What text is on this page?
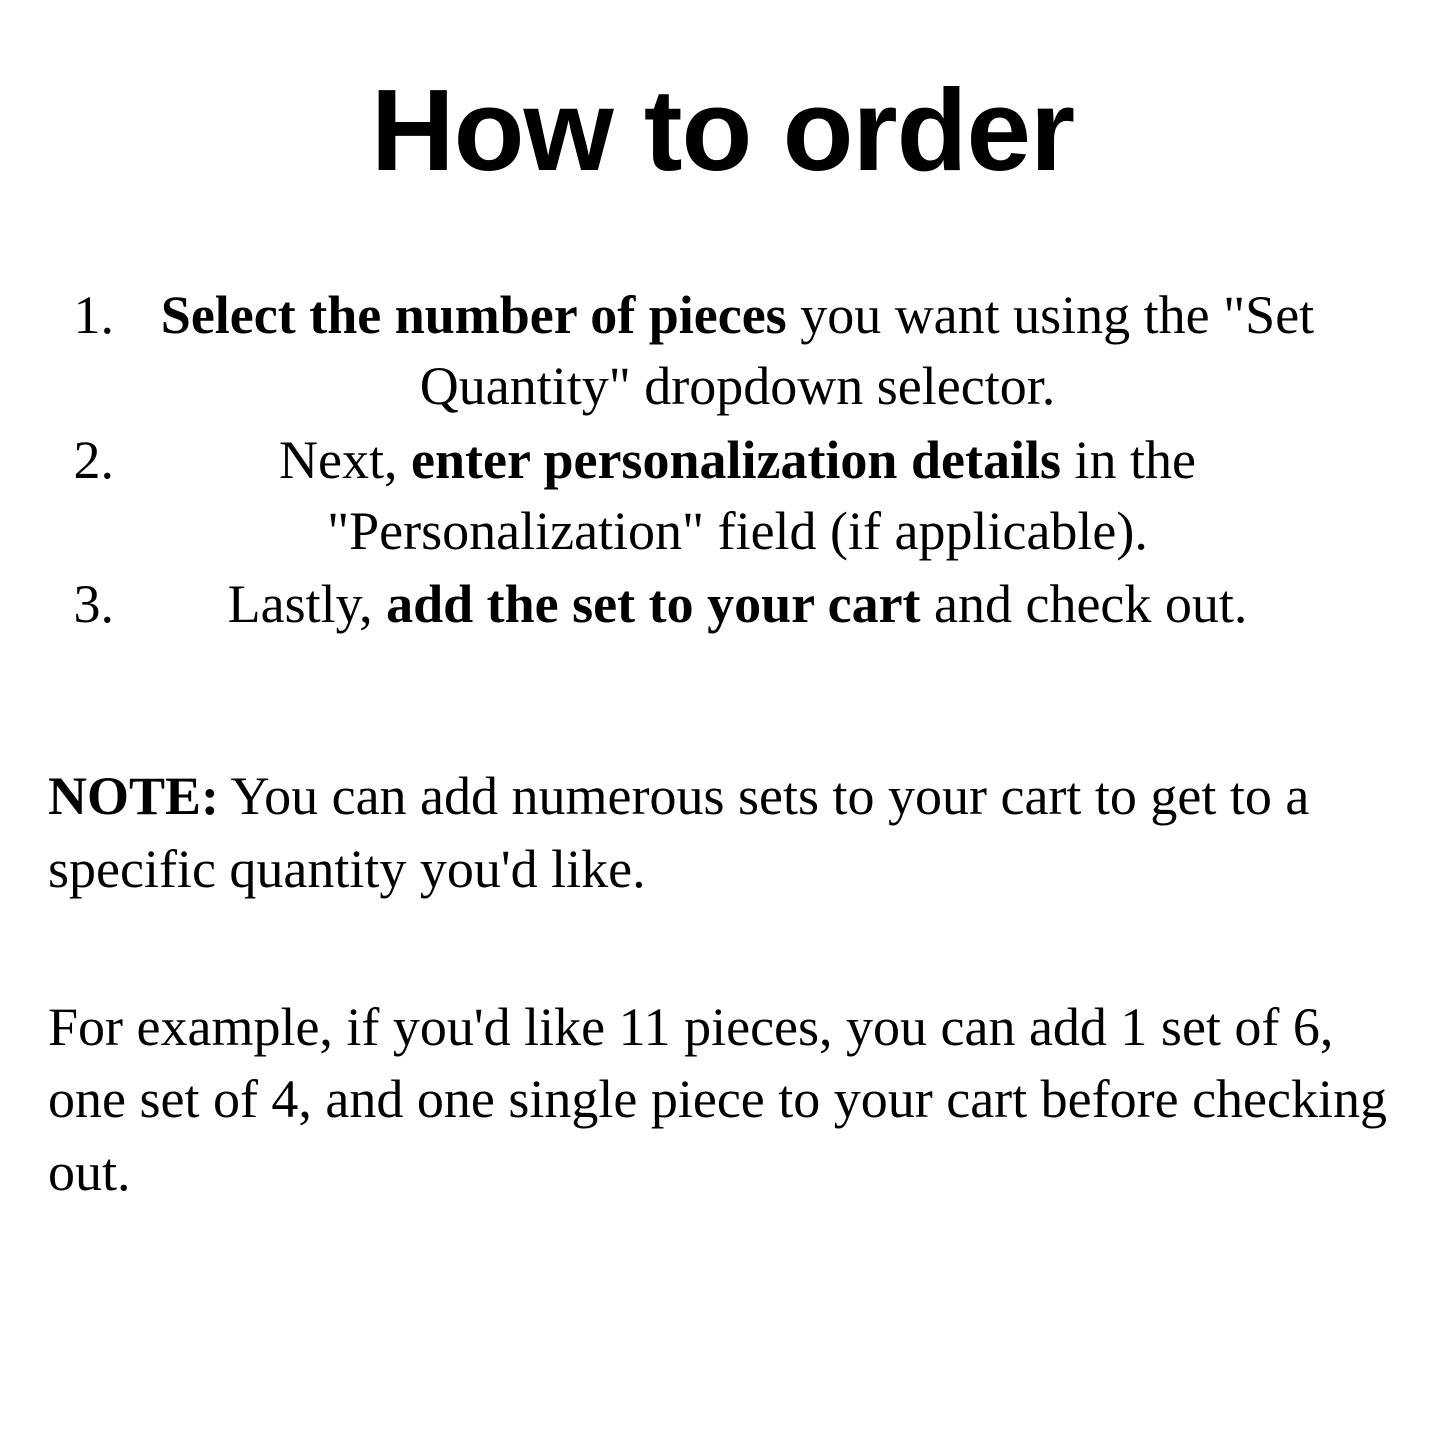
How to order
1. Select the number of pieces you want using the "Set Quantity" dropdown selector.
2.	Next, enter personalization details in the "Personalization" field (if applicable).
3.	Lastly, add the set to your cart and check out.

NOTE: You can add numerous sets to your cart to get to a specific quantity you'd like.

For example, if you'd like 11 pieces, you can add 1 set of 6, one set of 4, and one single piece to your cart before checking out.
